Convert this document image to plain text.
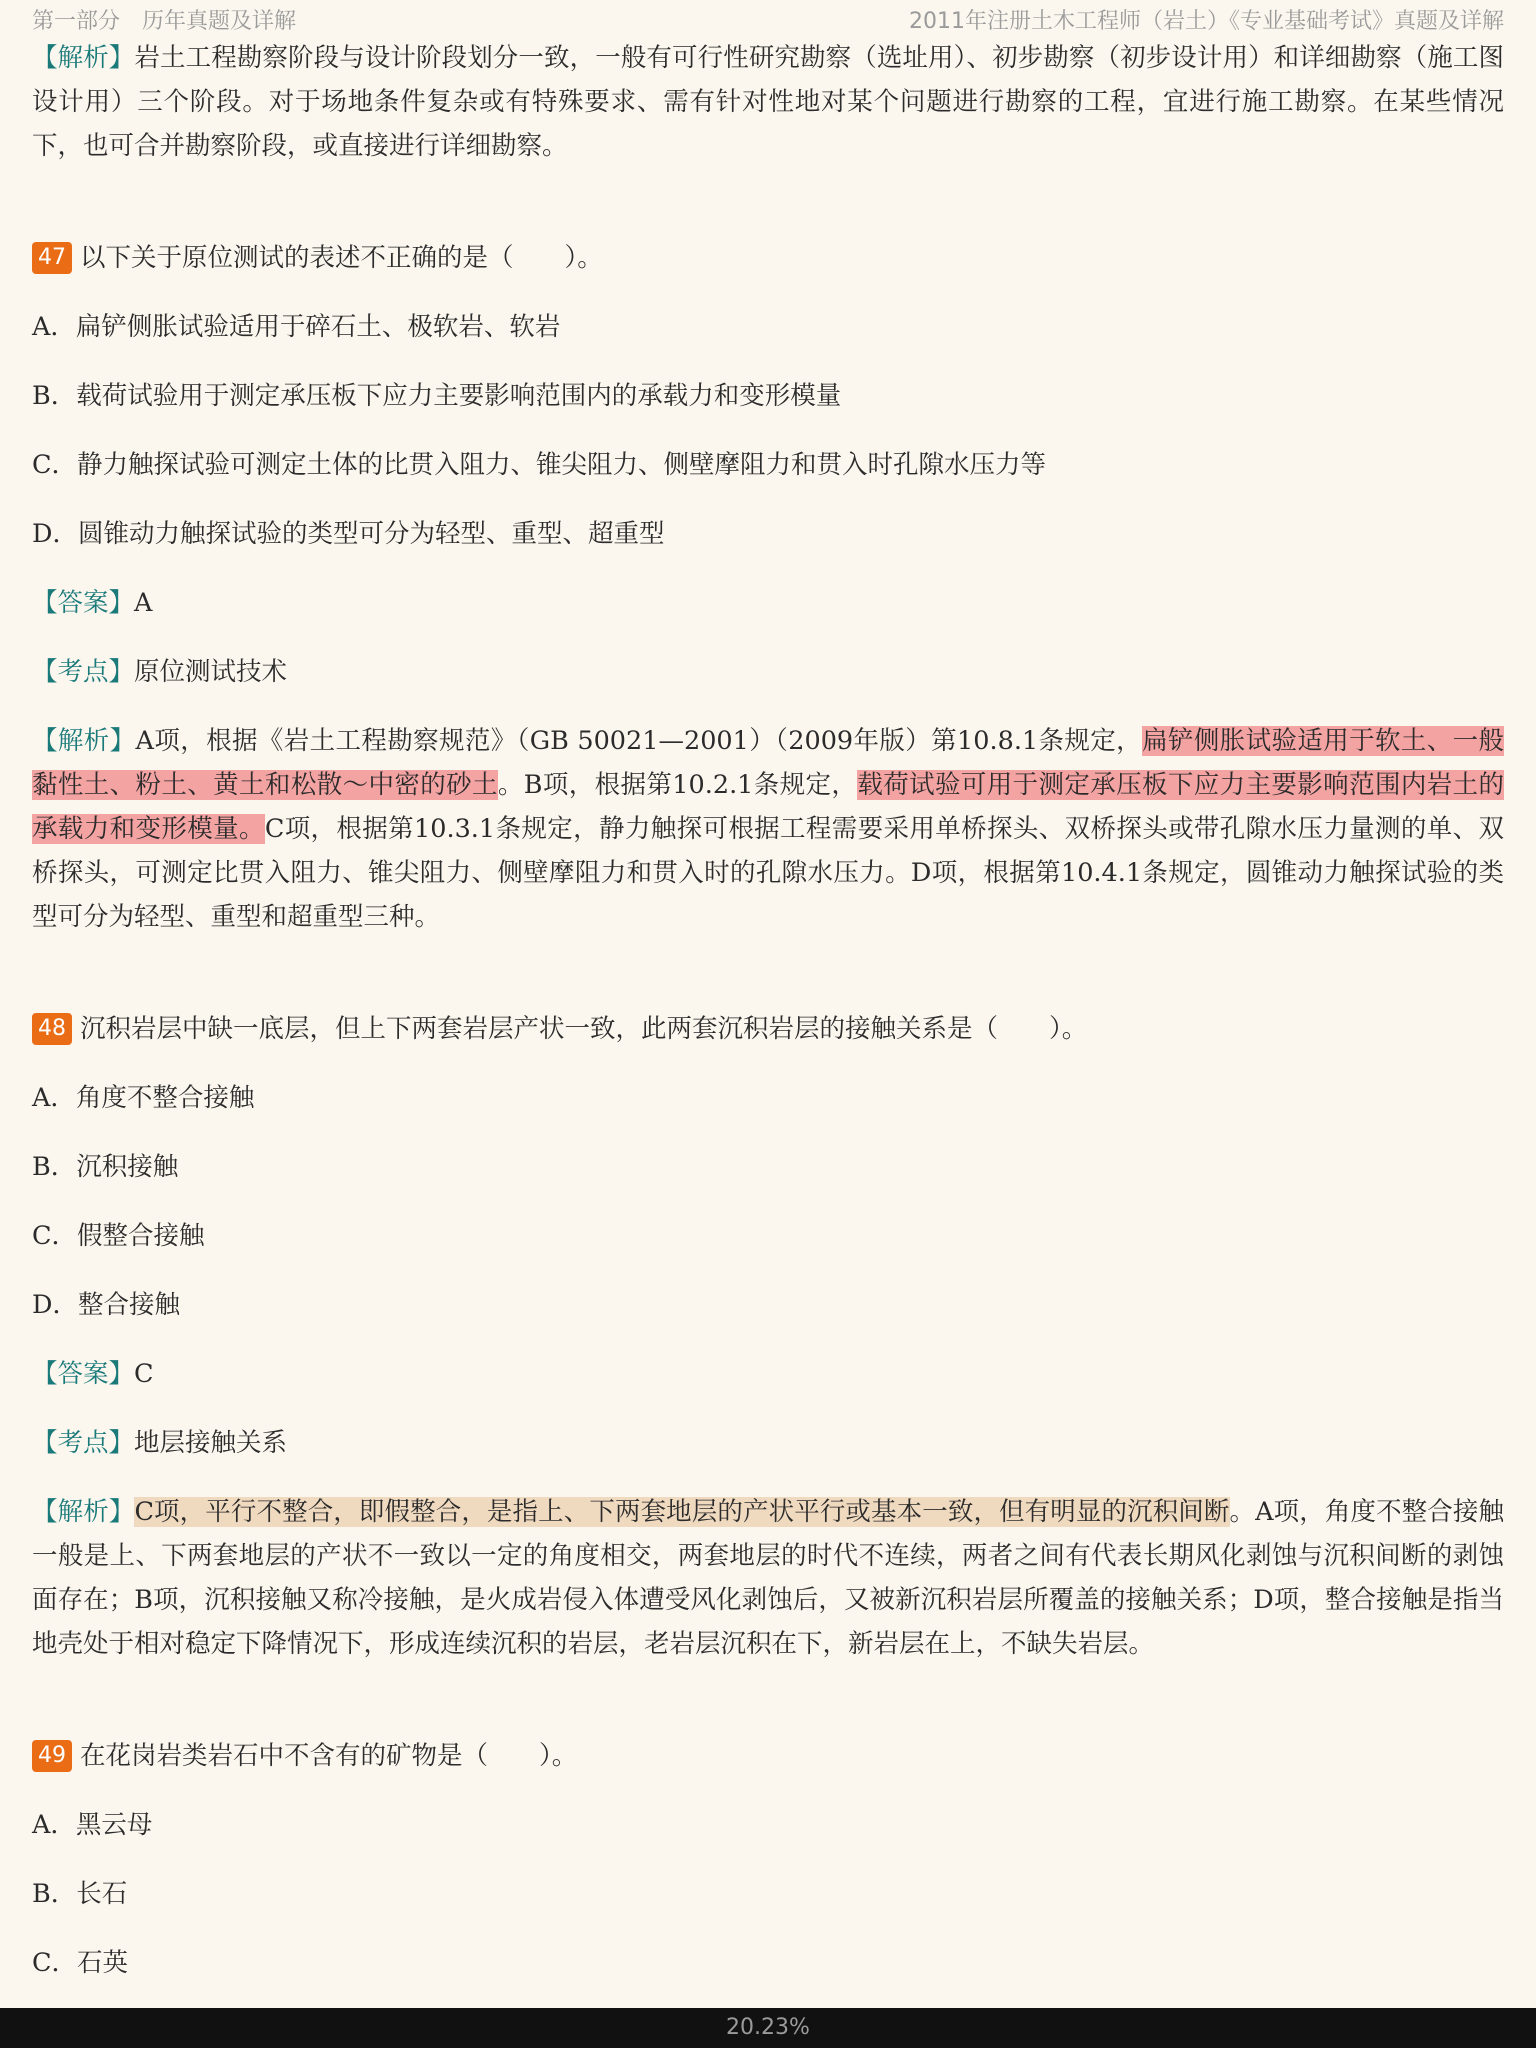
第一部分　历年真题及详解	2011年注册土木工程师（岩土）《专业基础考试》真题及详解

【解析】岩土工程勘察阶段与设计阶段划分一致，一般有可行性研究勘察（选址用）、初步勘察（初步设计用）和详细勘察（施工图设计用）三个阶段。对于场地条件复杂或有特殊要求、需有针对性地对某个问题进行勘察的工程，宜进行施工勘察。在某些情况下，也可合并勘察阶段，或直接进行详细勘察。

47 以下关于原位测试的表述不正确的是（　　）。
A．扁铲侧胀试验适用于碎石土、极软岩、软岩
B．载荷试验用于测定承压板下应力主要影响范围内的承载力和变形模量
C．静力触探试验可测定土体的比贯入阻力、锥尖阻力、侧壁摩阻力和贯入时孔隙水压力等
D．圆锥动力触探试验的类型可分为轻型、重型、超重型
【答案】A
【考点】原位测试技术

【解析】A项，根据《岩土工程勘察规范》（GB 50021—2001）（2009年版）第10.8.1条规定，扁铲侧胀试验适用于软土、一般黏性土、粉土、黄土和松散～中密的砂土。B项，根据第10.2.1条规定，载荷试验可用于测定承压板下应力主要影响范围内岩土的承载力和变形模量。C项，根据第10.3.1条规定，静力触探可根据工程需要采用单桥探头、双桥探头或带孔隙水压力量测的单、双桥探头，可测定比贯入阻力、锥尖阻力、侧壁摩阻力和贯入时的孔隙水压力。D项，根据第10.4.1条规定，圆锥动力触探试验的类型可分为轻型、重型和超重型三种。

48 沉积岩层中缺一底层，但上下两套岩层产状一致，此两套沉积岩层的接触关系是（　　）。
A．角度不整合接触
B．沉积接触
C．假整合接触
D．整合接触
【答案】C
【考点】地层接触关系

【解析】C项，平行不整合，即假整合，是指上、下两套地层的产状平行或基本一致，但有明显的沉积间断。A项，角度不整合接触一般是上、下两套地层的产状不一致以一定的角度相交，两套地层的时代不连续，两者之间有代表长期风化剥蚀与沉积间断的剥蚀面存在；B项，沉积接触又称冷接触，是火成岩侵入体遭受风化剥蚀后，又被新沉积岩层所覆盖的接触关系；D项，整合接触是指当地壳处于相对稳定下降情况下，形成连续沉积的岩层，老岩层沉积在下，新岩层在上，不缺失岩层。

49 在花岗岩类岩石中不含有的矿物是（　　）。
A．黑云母
B．长石
C．石英
20.23%
